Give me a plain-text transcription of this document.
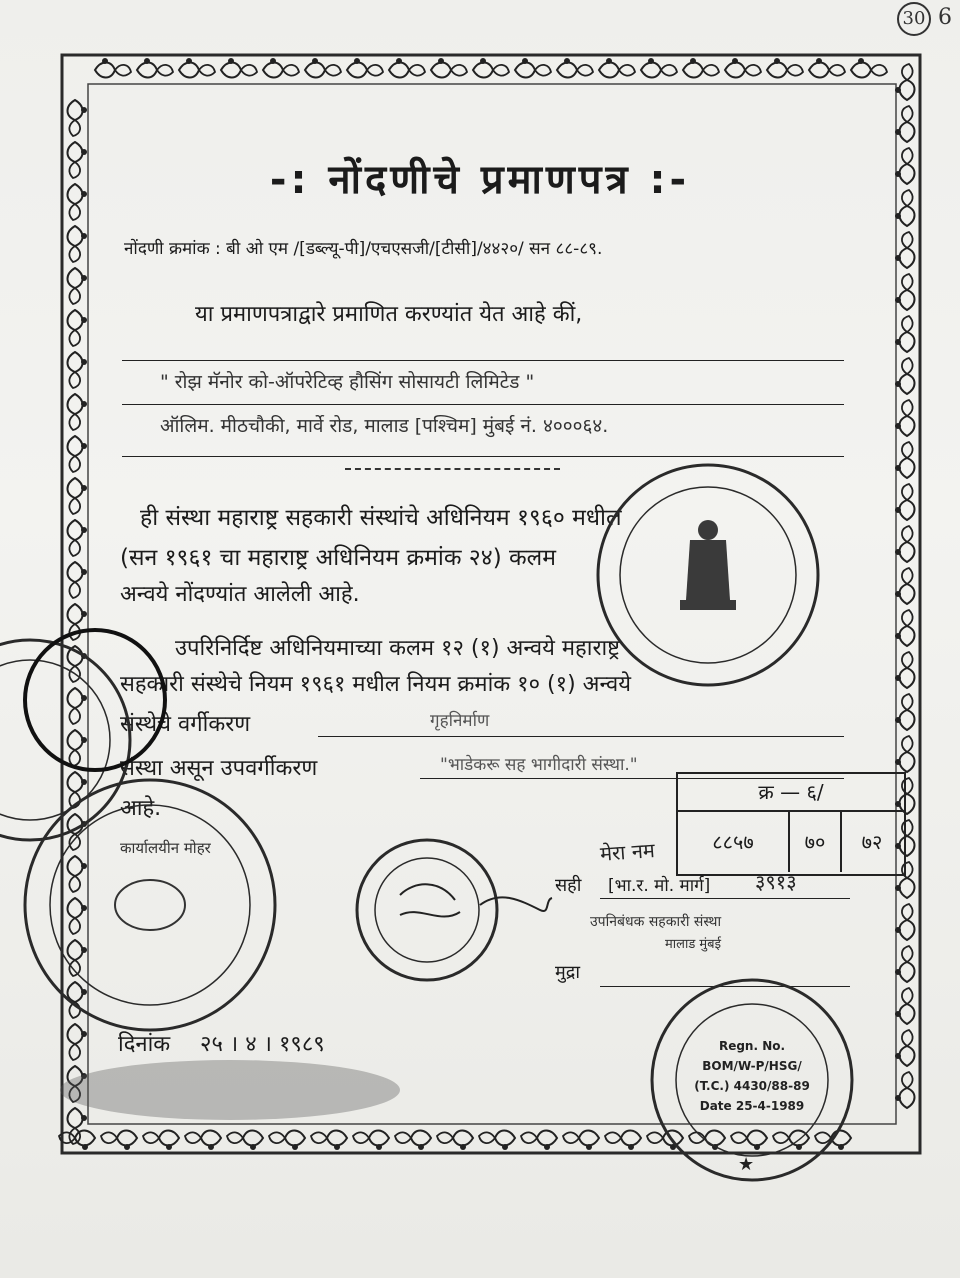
30 6
-: नोंदणीचे प्रमाणपत्र :-
नोंदणी क्रमांक : बी ओ एम /[डब्ल्यू-पी]/एचएसजी/[टीसी]/४४२०/ सन ८८-८९.
या प्रमाणपत्राद्वारे प्रमाणित करण्यांत येत आहे कीं,
" रोझ मॅनोर को-ऑपरेटिव्ह हौसिंग सोसायटी लिमिटेड "
ऑलिम. मीठचौकी, मार्वे रोड, मालाड [पश्चिम] मुंबई नं. ४०००६४.
ही संस्था महाराष्ट्र सहकारी संस्थांचे अधिनियम १९६० मधील
(सन १९६१ चा महाराष्ट्र अधिनियम क्रमांक २४) कलम
अन्वये नोंदण्यांत आलेली आहे.
उपरिनिर्दिष्ट अधिनियमाच्या कलम १२ (१) अन्वये महाराष्ट्र
सहकारी संस्थेचे नियम १९६१ मधील नियम क्रमांक १० (१) अन्वये
संस्थेचे वर्गीकरण	गृहनिर्माण
संस्था असून उपवर्गीकरण	"भाडेकरू सह भागीदारी संस्था."
आहे.
कार्यालयीन मोहर
क्र — ६/
८८५७	७०	७२
मेरा नम
३९१३
सही [भा.र. मो. मार्ग]
उपनिबंधक सहकारी संस्था
मालाड मुंबई
मुद्रा
दिनांक २५ । ४ । १९८९	Regn. No.
BOM/W-P/HSG/
(T.C.) 4430/88-89
Date 25-4-1989
★
